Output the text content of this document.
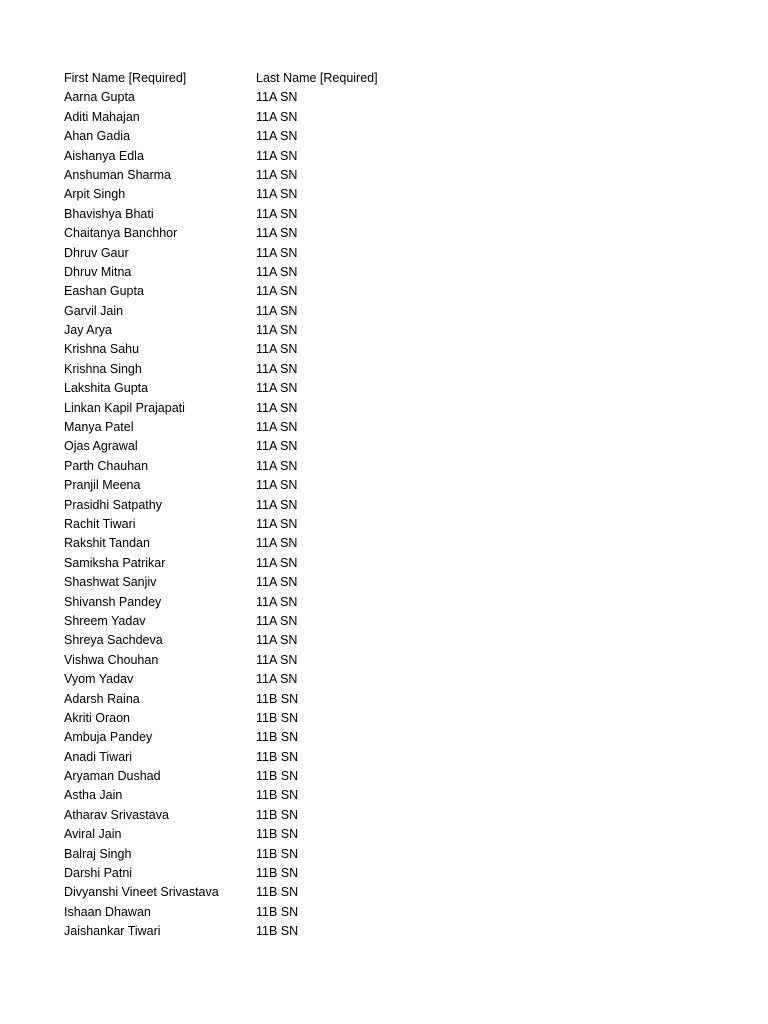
First Name [Required]	Last Name [Required]
Aarna Gupta	11A SN
Aditi Mahajan	11A SN
Ahan Gadia	11A SN
Aishanya Edla	11A SN
Anshuman Sharma	11A SN
Arpit Singh	11A SN
Bhavishya Bhati	11A SN
Chaitanya Banchhor	11A SN
Dhruv Gaur	11A SN
Dhruv Mitna	11A SN
Eashan Gupta	11A SN
Garvil Jain	11A SN
Jay Arya	11A SN
Krishna Sahu	11A SN
Krishna Singh	11A SN
Lakshita Gupta	11A SN
Linkan Kapil Prajapati	11A SN
Manya Patel	11A SN
Ojas Agrawal	11A SN
Parth Chauhan	11A SN
Pranjil Meena	11A SN
Prasidhi Satpathy	11A SN
Rachit Tiwari	11A SN
Rakshit Tandan	11A SN
Samiksha Patrikar	11A SN
Shashwat Sanjiv	11A SN
Shivansh Pandey	11A SN
Shreem Yadav	11A SN
Shreya Sachdeva	11A SN
Vishwa Chouhan	11A SN
Vyom Yadav	11A SN
Adarsh Raina	11B SN
Akriti Oraon	11B SN
Ambuja Pandey	11B SN
Anadi Tiwari	11B SN
Aryaman Dushad	11B SN
Astha Jain	11B SN
Atharav Srivastava	11B SN
Aviral Jain	11B SN
Balraj Singh	11B SN
Darshi Patni	11B SN
Divyanshi Vineet Srivastava	11B SN
Ishaan Dhawan	11B SN
Jaishankar Tiwari	11B SN
